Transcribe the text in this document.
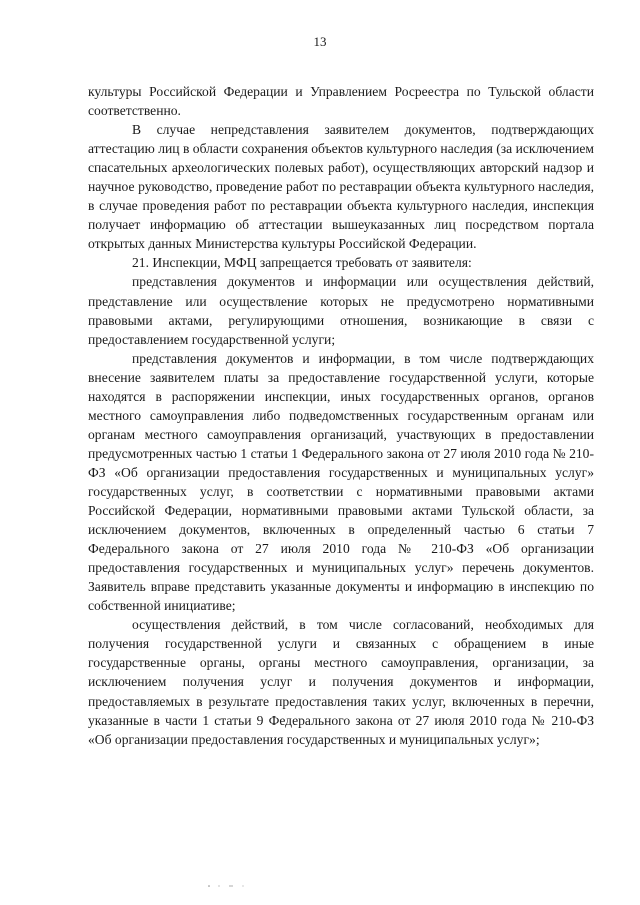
13

культуры Российской Федерации и Управлением Росреестра по Тульской области соответственно.

В случае непредставления заявителем документов, подтверждающих аттестацию лиц в области сохранения объектов культурного наследия (за исключением спасательных археологических полевых работ), осуществляющих авторский надзор и научное руководство, проведение работ по реставрации объекта культурного наследия, в случае проведения работ по реставрации объекта культурного наследия, инспекция получает информацию об аттестации вышеуказанных лиц посредством портала открытых данных Министерства культуры Российской Федерации.

21. Инспекции, МФЦ запрещается требовать от заявителя:

представления документов и информации или осуществления действий, представление или осуществление которых не предусмотрено нормативными правовыми актами, регулирующими отношения, возникающие в связи с предоставлением государственной услуги;

представления документов и информации, в том числе подтверждающих внесение заявителем платы за предоставление государственной услуги, которые находятся в распоряжении инспекции, иных государственных органов, органов местного самоуправления либо подведомственных государственным органам или органам местного самоуправления организаций, участвующих в предоставлении предусмотренных частью 1 статьи 1 Федерального закона от 27 июля 2010 года № 210-ФЗ «Об организации предоставления государственных и муниципальных услуг» государственных услуг, в соответствии с нормативными правовыми актами Российской Федерации, нормативными правовыми актами Тульской области, за исключением документов, включенных в определенный частью 6 статьи 7 Федерального закона от 27 июля 2010 года № 210-ФЗ «Об организации предоставления государственных и муниципальных услуг» перечень документов. Заявитель вправе представить указанные документы и информацию в инспекцию по собственной инициативе;

осуществления действий, в том числе согласований, необходимых для получения государственной услуги и связанных с обращением в иные государственные органы, органы местного самоуправления, организации, за исключением получения услуг и получения документов и информации, предоставляемых в результате предоставления таких услуг, включенных в перечни, указанные в части 1 статьи 9 Федерального закона от 27 июля 2010 года № 210-ФЗ «Об организации предоставления государственных и муниципальных услуг»;
